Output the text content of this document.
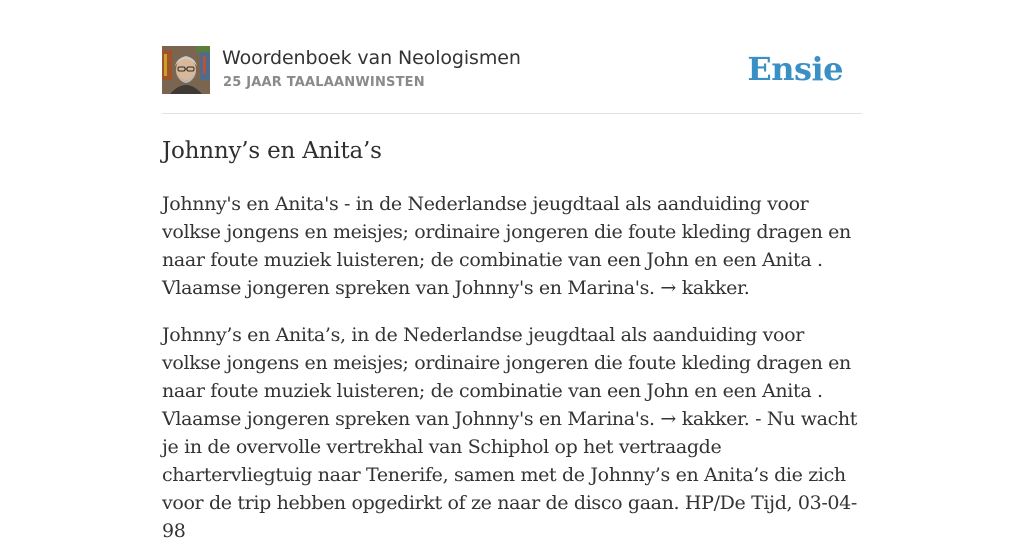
Woordenboek van Neologismen
25 JAAR TAALAANWINSTEN	Ensie
Johnny’s en Anita’s

Johnny's en Anita's - in de Nederlandse jeugdtaal als aanduiding voor volkse jongens en meisjes; ordinaire jongeren die foute kleding dragen en naar foute muziek luisteren; de combinatie van een John en een Anita . Vlaamse jongeren spreken van Johnny's en Marina's. → kakker.

Johnny’s en Anita’s, in de Nederlandse jeugdtaal als aanduiding voor volkse jongens en meisjes; ordinaire jongeren die foute kleding dragen en naar foute muziek luisteren; de combinatie van een John en een Anita . Vlaamse jongeren spreken van Johnny's en Marina's. → kakker. - Nu wacht je in de overvolle vertrekhal van Schiphol op het vertraagde chartervliegtuig naar Tenerife, samen met de Johnny’s en Anita’s die zich voor de trip hebben opgedirkt of ze naar de disco gaan. HP/De Tijd, 03-04-98
